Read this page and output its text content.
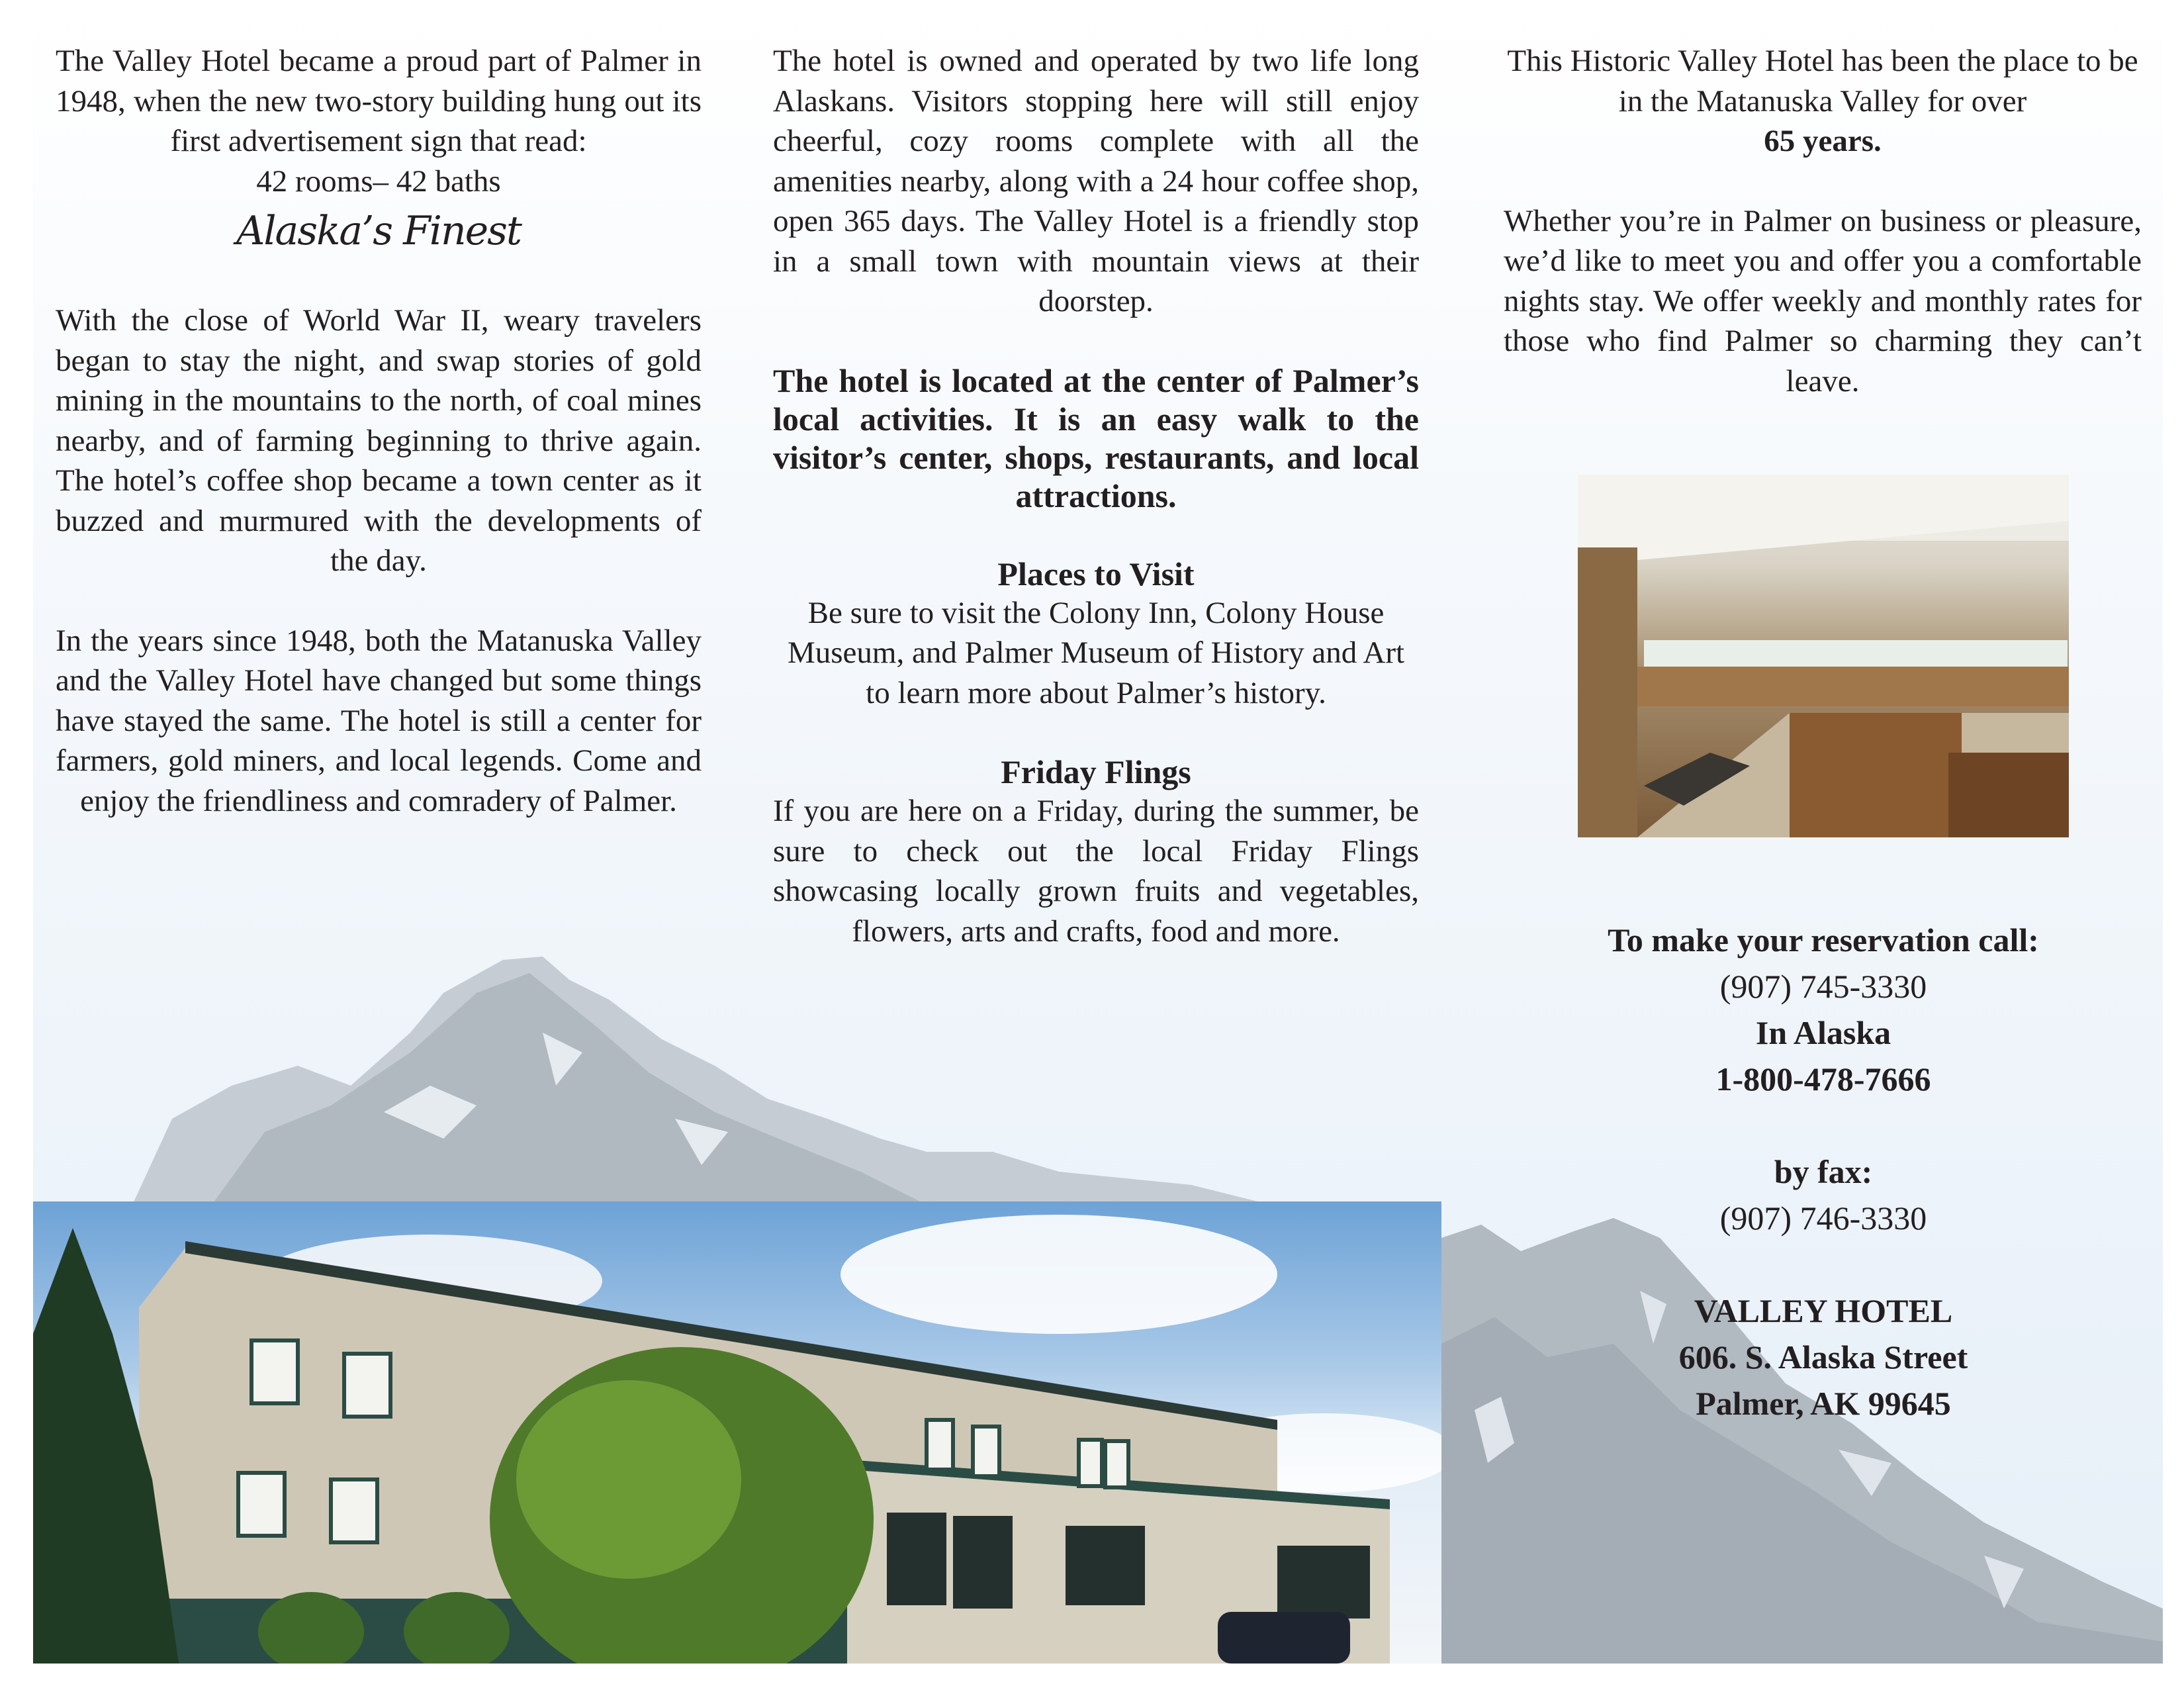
The Valley Hotel became a proud part of Palmer in 1948, when the new two-story building hung out its first advertisement sign that read:

42 rooms– 42 baths

Alaska’s Finest

With the close of World War II, weary travelers began to stay the night, and swap stories of gold mining in the mountains to the north, of coal mines nearby, and of farming beginning to thrive again. The hotel’s coffee shop became a town center as it buzzed and murmured with the developments of the day.

In the years since 1948, both the Matanuska Valley and the Valley Hotel have changed but some things have stayed the same. The hotel is still a center for farmers, gold miners, and local legends. Come and enjoy the friendliness and comradery of Palmer.

The hotel is owned and operated by two life long Alaskans. Visitors stopping here will still enjoy cheerful, cozy rooms complete with all the amenities nearby, along with a 24 hour coffee shop, open 365 days. The Valley Hotel is a friendly stop in a small town with mountain views at their doorstep.

The hotel is located at the center of Palmer’s local activities. It is an easy walk to the visitor’s center, shops, restaurants, and local attractions.

Places to Visit

Be sure to visit the Colony Inn, Colony House Museum, and Palmer Museum of History and Art to learn more about Palmer’s history.

Friday Flings

If you are here on a Friday, during the summer, be sure to check out the local Friday Flings showcasing locally grown fruits and vegetables, flowers, arts and crafts, food and more.

This Historic Valley Hotel has been the place to be in the Matanuska Valley for over
65 years.

Whether you’re in Palmer on business or pleasure, we’d like to meet you and offer you a comfortable nights stay. We offer weekly and monthly rates for those who find Palmer so charming they can’t leave.

To make your reservation call:

(907) 745-3330

In Alaska

1-800-478-7666

by fax:

(907) 746-3330

VALLEY HOTEL

606. S. Alaska Street

Palmer, AK 99645
